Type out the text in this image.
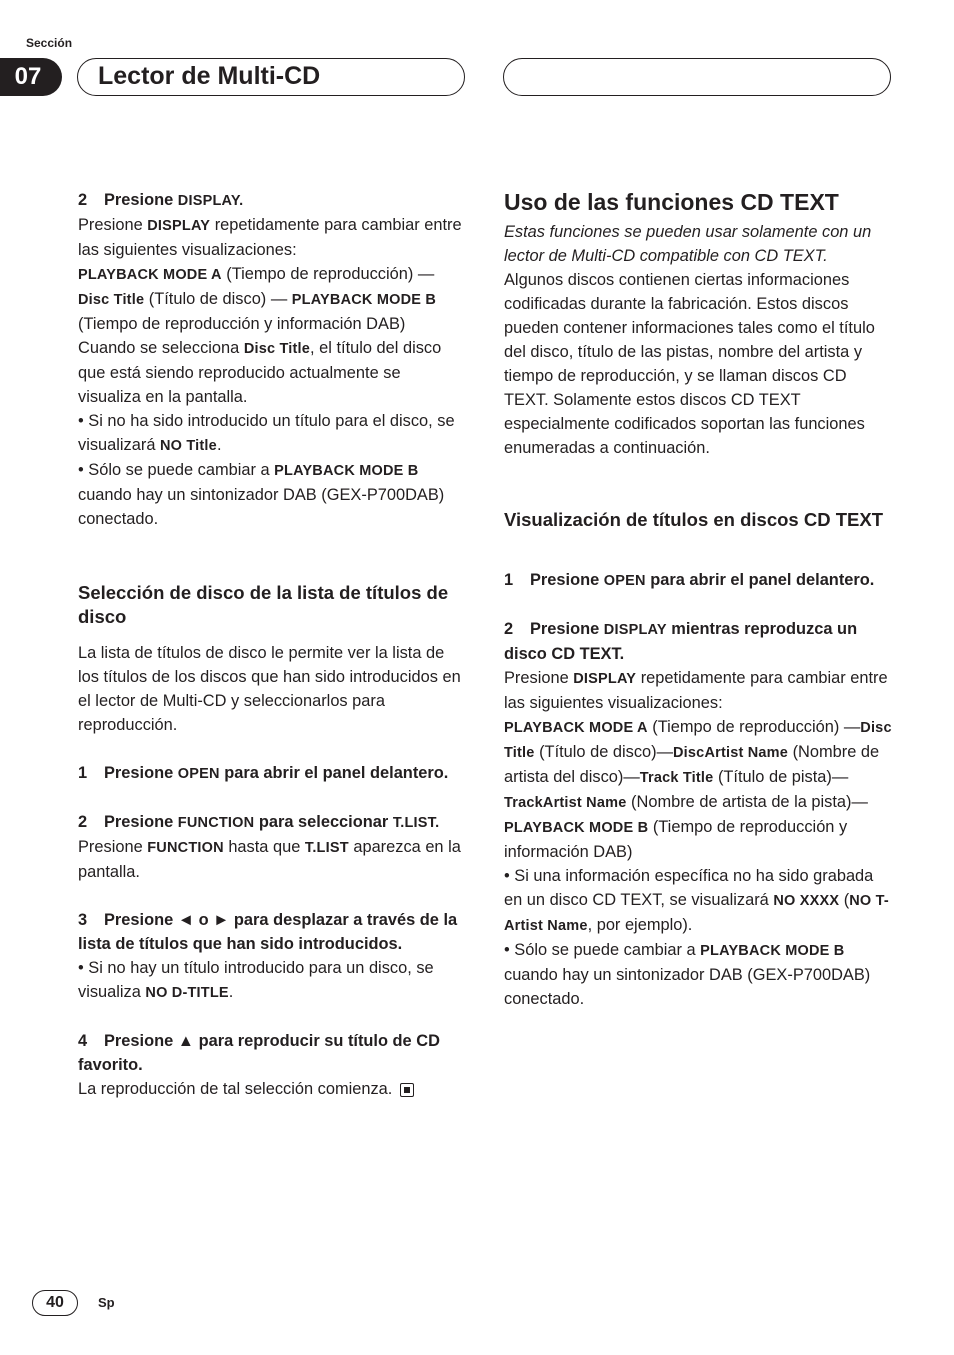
Sección
07	Lector de Multi-CD

2 Presione DISPLAY.

Presione DISPLAY repetidamente para cambiar entre las siguientes visualizaciones:
PLAYBACK MODE A (Tiempo de reproducción) — Disc Title (Título de disco) — PLAYBACK MODE B (Tiempo de reproducción y información DAB)
Cuando se selecciona Disc Title, el título del disco que está siendo reproducido actualmente se visualiza en la pantalla.
• Si no ha sido introducido un título para el disco, se visualizará NO Title.
• Sólo se puede cambiar a PLAYBACK MODE B cuando hay un sintonizador DAB (GEX-P700DAB) conectado.

Selección de disco de la lista de títulos de disco

La lista de títulos de disco le permite ver la lista de los títulos de los discos que han sido introducidos en el lector de Multi-CD y seleccionarlos para reproducción.

1 Presione OPEN para abrir el panel delantero.

2 Presione FUNCTION para seleccionar T.LIST.

Presione FUNCTION hasta que T.LIST aparezca en la pantalla.

3 Presione ◄ o ► para desplazar a través de la lista de títulos que han sido introducidos.

• Si no hay un título introducido para un disco, se visualiza NO D-TITLE.

4 Presione ▲ para reproducir su título de CD favorito.

La reproducción de tal selección comienza.

Uso de las funciones CD TEXT

Estas funciones se pueden usar solamente con un lector de Multi-CD compatible con CD TEXT.

Algunos discos contienen ciertas informaciones codificadas durante la fabricación. Estos discos pueden contener informaciones tales como el título del disco, título de las pistas, nombre del artista y tiempo de reproducción, y se llaman discos CD TEXT. Solamente estos discos CD TEXT especialmente codificados soportan las funciones enumeradas a continuación.

Visualización de títulos en discos CD TEXT

1 Presione OPEN para abrir el panel delantero.

2 Presione DISPLAY mientras reproduzca un disco CD TEXT.

Presione DISPLAY repetidamente para cambiar entre las siguientes visualizaciones:
PLAYBACK MODE A (Tiempo de reproducción) —Disc Title (Título de disco)—DiscArtist Name (Nombre de artista del disco)—Track Title (Título de pista)—TrackArtist Name (Nombre de artista de la pista)—PLAYBACK MODE B (Tiempo de reproducción y información DAB)
• Si una información específica no ha sido grabada en un disco CD TEXT, se visualizará NO XXXX (NO T-Artist Name, por ejemplo).
• Sólo se puede cambiar a PLAYBACK MODE B cuando hay un sintonizador DAB (GEX-P700DAB) conectado.

40	Sp
